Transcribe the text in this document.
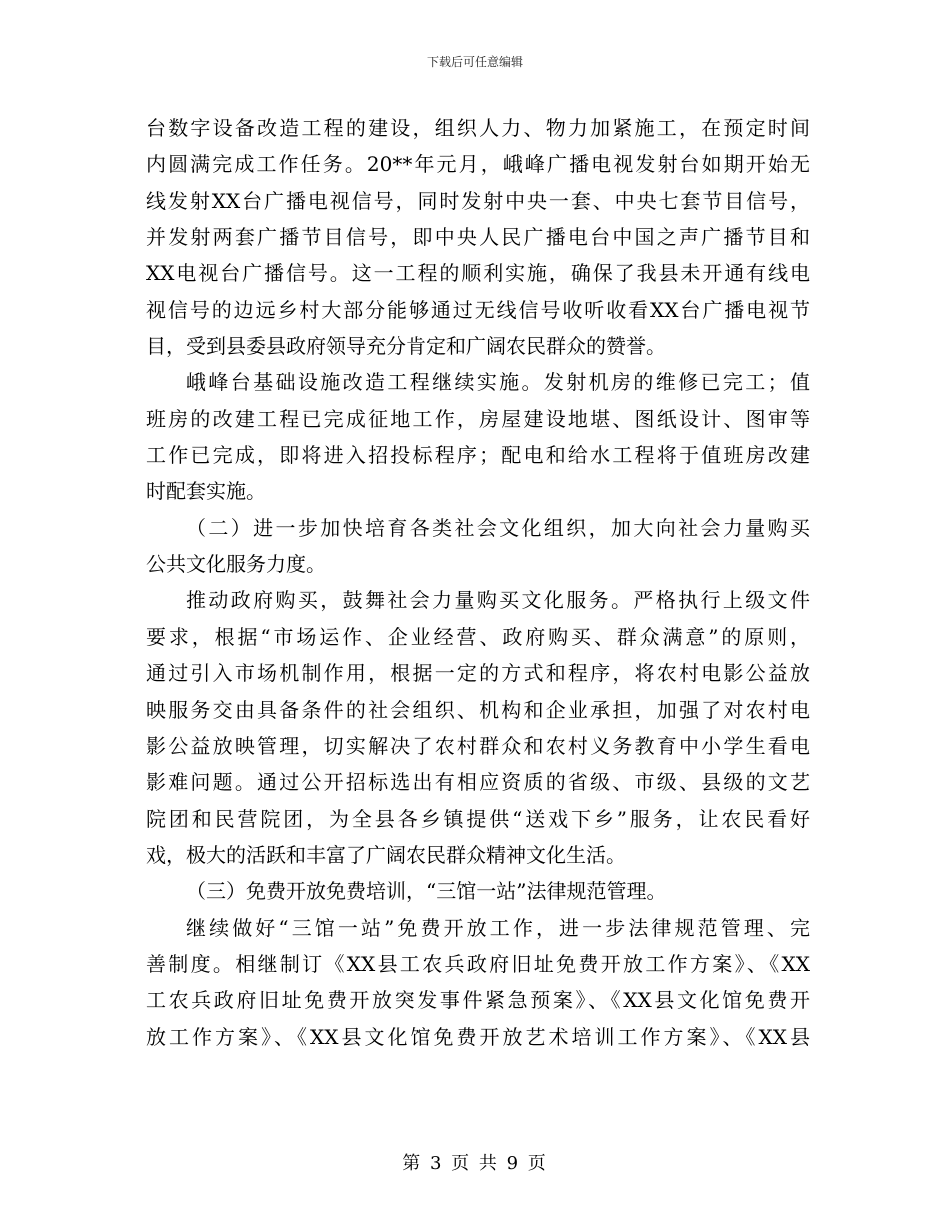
下载后可任意编辑
台数字设备改造工程的建设，组织人力、物力加紧施工，在预定时间
内圆满完成工作任务。20**年元月，峨峰广播电视发射台如期开始无
线发射XX台广播电视信号，同时发射中央一套、中央七套节目信号，
并发射两套广播节目信号，即中央人民广播电台中国之声广播节目和
XX电视台广播信号。这一工程的顺利实施，确保了我县未开通有线电
视信号的边远乡村大部分能够通过无线信号收听收看XX台广播电视节
目，受到县委县政府领导充分肯定和广阔农民群众的赞誉。
峨峰台基础设施改造工程继续实施。发射机房的维修已完工；值
班房的改建工程已完成征地工作，房屋建设地堪、图纸设计、图审等
工作已完成，即将进入招投标程序；配电和给水工程将于值班房改建
时配套实施。
（二）进一步加快培育各类社会文化组织，加大向社会力量购买
公共文化服务力度。
推动政府购买，鼓舞社会力量购买文化服务。严格执行上级文件
要求，根据“市场运作、企业经营、政府购买、群众满意”的原则，
通过引入市场机制作用，根据一定的方式和程序，将农村电影公益放
映服务交由具备条件的社会组织、机构和企业承担，加强了对农村电
影公益放映管理，切实解决了农村群众和农村义务教育中小学生看电
影难问题。通过公开招标选出有相应资质的省级、市级、县级的文艺
院团和民营院团，为全县各乡镇提供“送戏下乡”服务，让农民看好
戏，极大的活跃和丰富了广阔农民群众精神文化生活。
（三）免费开放免费培训，“三馆一站”法律规范管理。
继续做好“三馆一站”免费开放工作，进一步法律规范管理、完
善制度。相继制订《XX县工农兵政府旧址免费开放工作方案》、《XX
工农兵政府旧址免费开放突发事件紧急预案》、《XX县文化馆免费开
放工作方案》、《XX县文化馆免费开放艺术培训工作方案》、《XX县
第 3 页 共 9 页
